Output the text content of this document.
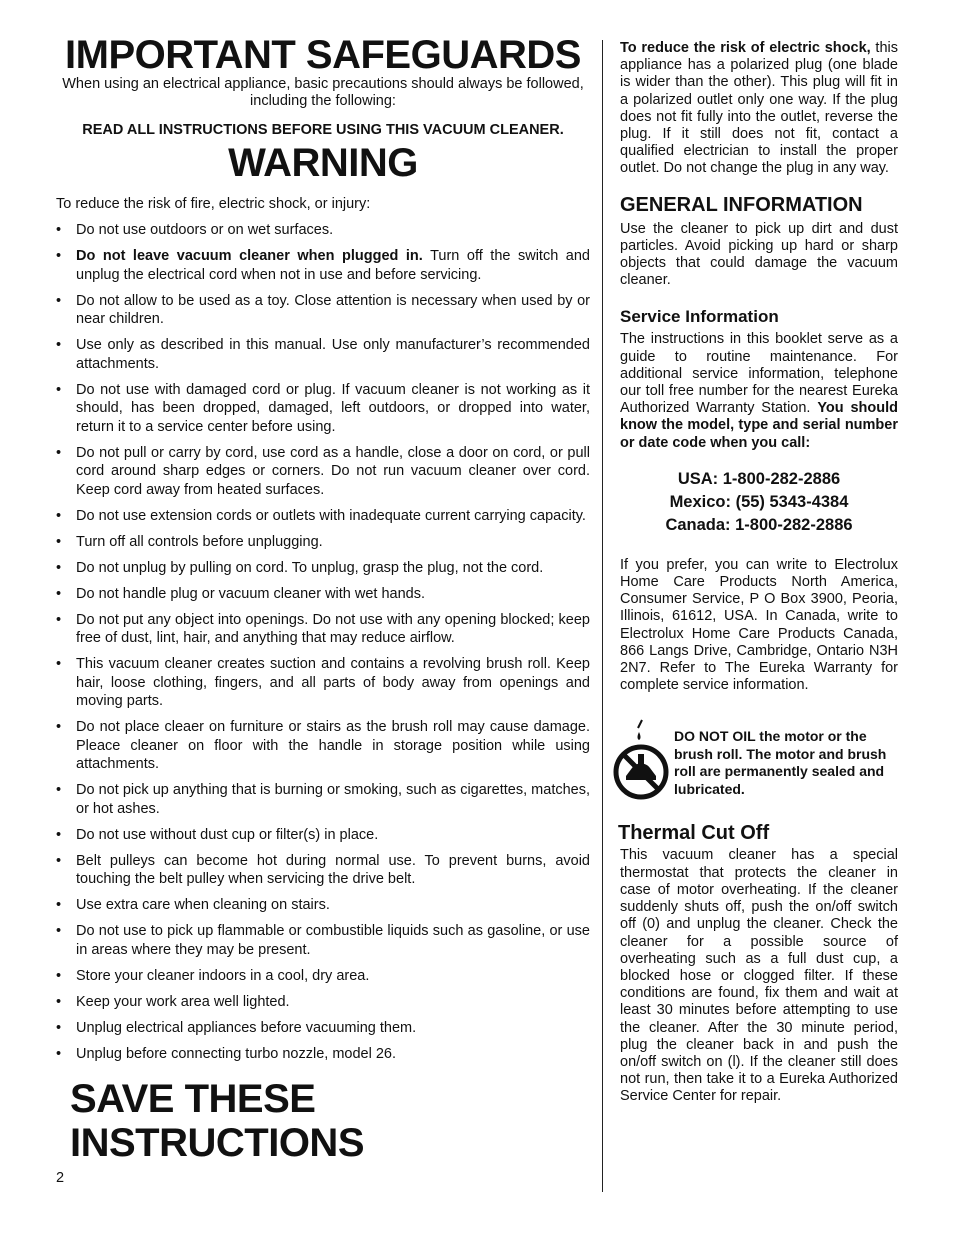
IMPORTANT SAFEGUARDS

When using an electrical appliance, basic precautions should always be followed, including the following:

READ ALL INSTRUCTIONS BEFORE USING THIS VACUUM CLEANER.

WARNING

To reduce the risk of fire, electric shock, or injury:

• Do not use outdoors or on wet surfaces.
• Do not leave vacuum cleaner when plugged in. Turn off the switch and unplug the electrical cord when not in use and before servicing.
• Do not allow to be used as a toy. Close attention is necessary when used by or near children.
• Use only as described in this manual. Use only manufacturer’s recommended attachments.
• Do not use with damaged cord or plug. If vacuum cleaner is not working as it should, has been dropped, damaged, left outdoors, or dropped into water, return it to a service center before using.
• Do not pull or carry by cord, use cord as a handle, close a door on cord, or pull cord around sharp edges or corners. Do not run vacuum cleaner over cord. Keep cord away from heated surfaces.
• Do not use extension cords or outlets with inadequate current carrying capacity.
• Turn off all controls before unplugging.
• Do not unplug by pulling on cord. To unplug, grasp the plug, not the cord.
• Do not handle plug or vacuum cleaner with wet hands.
• Do not put any object into openings. Do not use with any opening blocked; keep free of dust, lint, hair, and anything that may reduce airflow.
• This vacuum cleaner creates suction and contains a revolving brush roll. Keep hair, loose clothing, fingers, and all parts of body away from openings and moving parts.
• Do not place cleaer on furniture or stairs as the brush roll may cause damage. Pleace cleaner on floor with the handle in storage position while using attachments.
• Do not pick up anything that is burning or smoking, such as cigarettes, matches, or hot ashes.
• Do not use without dust cup or filter(s) in place.
• Belt pulleys can become hot during normal use. To prevent burns, avoid touching the belt pulley when servicing the drive belt.
• Use extra care when cleaning on stairs.
• Do not use to pick up flammable or combustible liquids such as gasoline, or use in areas where they may be present.
• Store your cleaner indoors in a cool, dry area.
• Keep your work area well lighted.
• Unplug electrical appliances before vacuuming them.
• Unplug before connecting turbo nozzle, model 26.
SAVE THESE INSTRUCTIONS
2

To reduce the risk of electric shock, this appliance has a polarized plug (one blade is wider than the other). This plug will fit in a polarized outlet only one way. If the plug does not fit fully into the outlet, reverse the plug. If it still does not fit, contact a qualified electrician to install the proper outlet. Do not change the plug in any way.

GENERAL INFORMATION

Use the cleaner to pick up dirt and dust particles. Avoid picking up hard or sharp objects that could damage the vacuum cleaner.

Service Information

The instructions in this booklet serve as a guide to routine maintenance. For additional service information, telephone our toll free number for the nearest Eureka Authorized Warranty Station. You should know the model, type and serial number or date code when you call:

USA: 1-800-282-2886
Mexico: (55) 5343-4384
Canada: 1-800-282-2886

If you prefer, you can write to Electrolux Home Care Products North America, Consumer Service, P O Box 3900, Peoria, Illinois, 61612, USA. In Canada, write to Electrolux Home Care Products Canada, 866 Langs Drive, Cambridge, Ontario N3H 2N7. Refer to The Eureka Warranty for complete service information.

DO NOT OIL the motor or the brush roll. The motor and brush roll are permanently sealed and lubricated.
Thermal Cut Off

This vacuum cleaner has a special thermostat that protects the cleaner in case of motor overheating. If the cleaner suddenly shuts off, push the on/off switch off (0) and unplug the cleaner. Check the cleaner for a possible source of overheating such as a full dust cup, a blocked hose or clogged filter. If these conditions are found, fix them and wait at least 30 minutes before attempting to use the cleaner. After the 30 minute period, plug the cleaner back in and push the on/off switch on (l). If the cleaner still does not run, then take it to a Eureka Authorized Service Center for repair.
